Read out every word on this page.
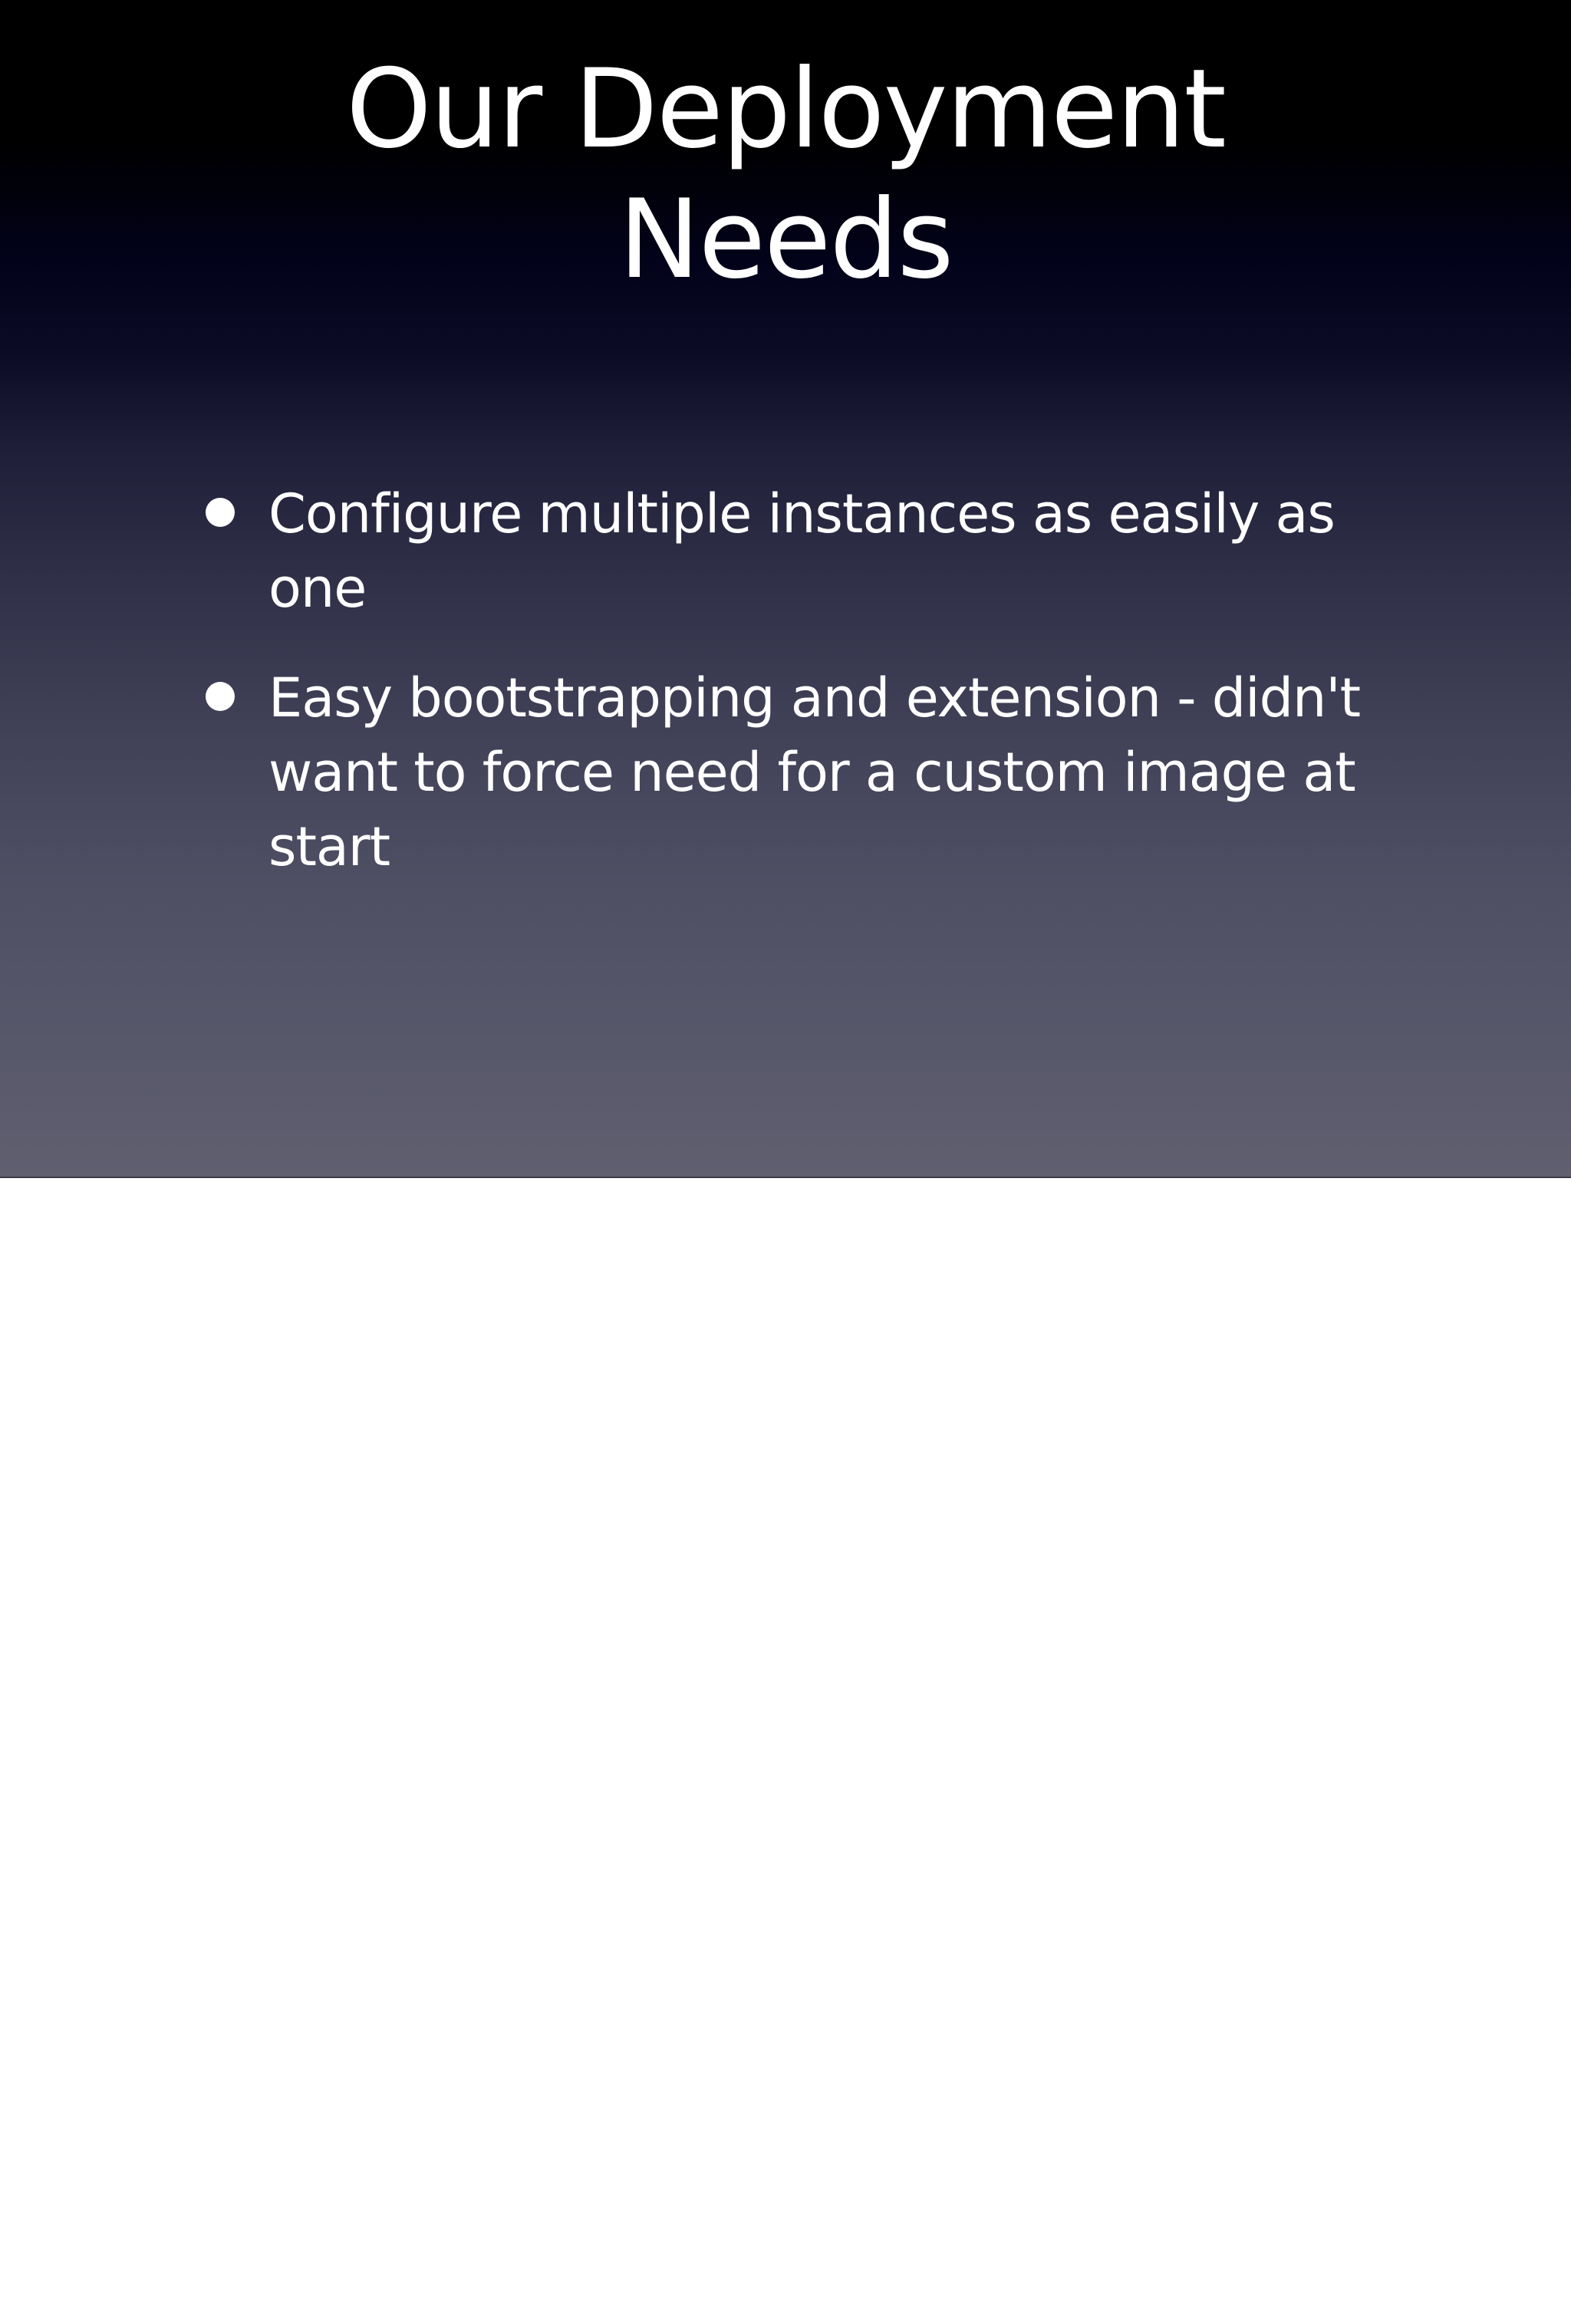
Our Deployment
Needs
Configure multiple instances as easily as
one
Easy bootstrapping and extension - didn't
want to force need for a custom image at
start
